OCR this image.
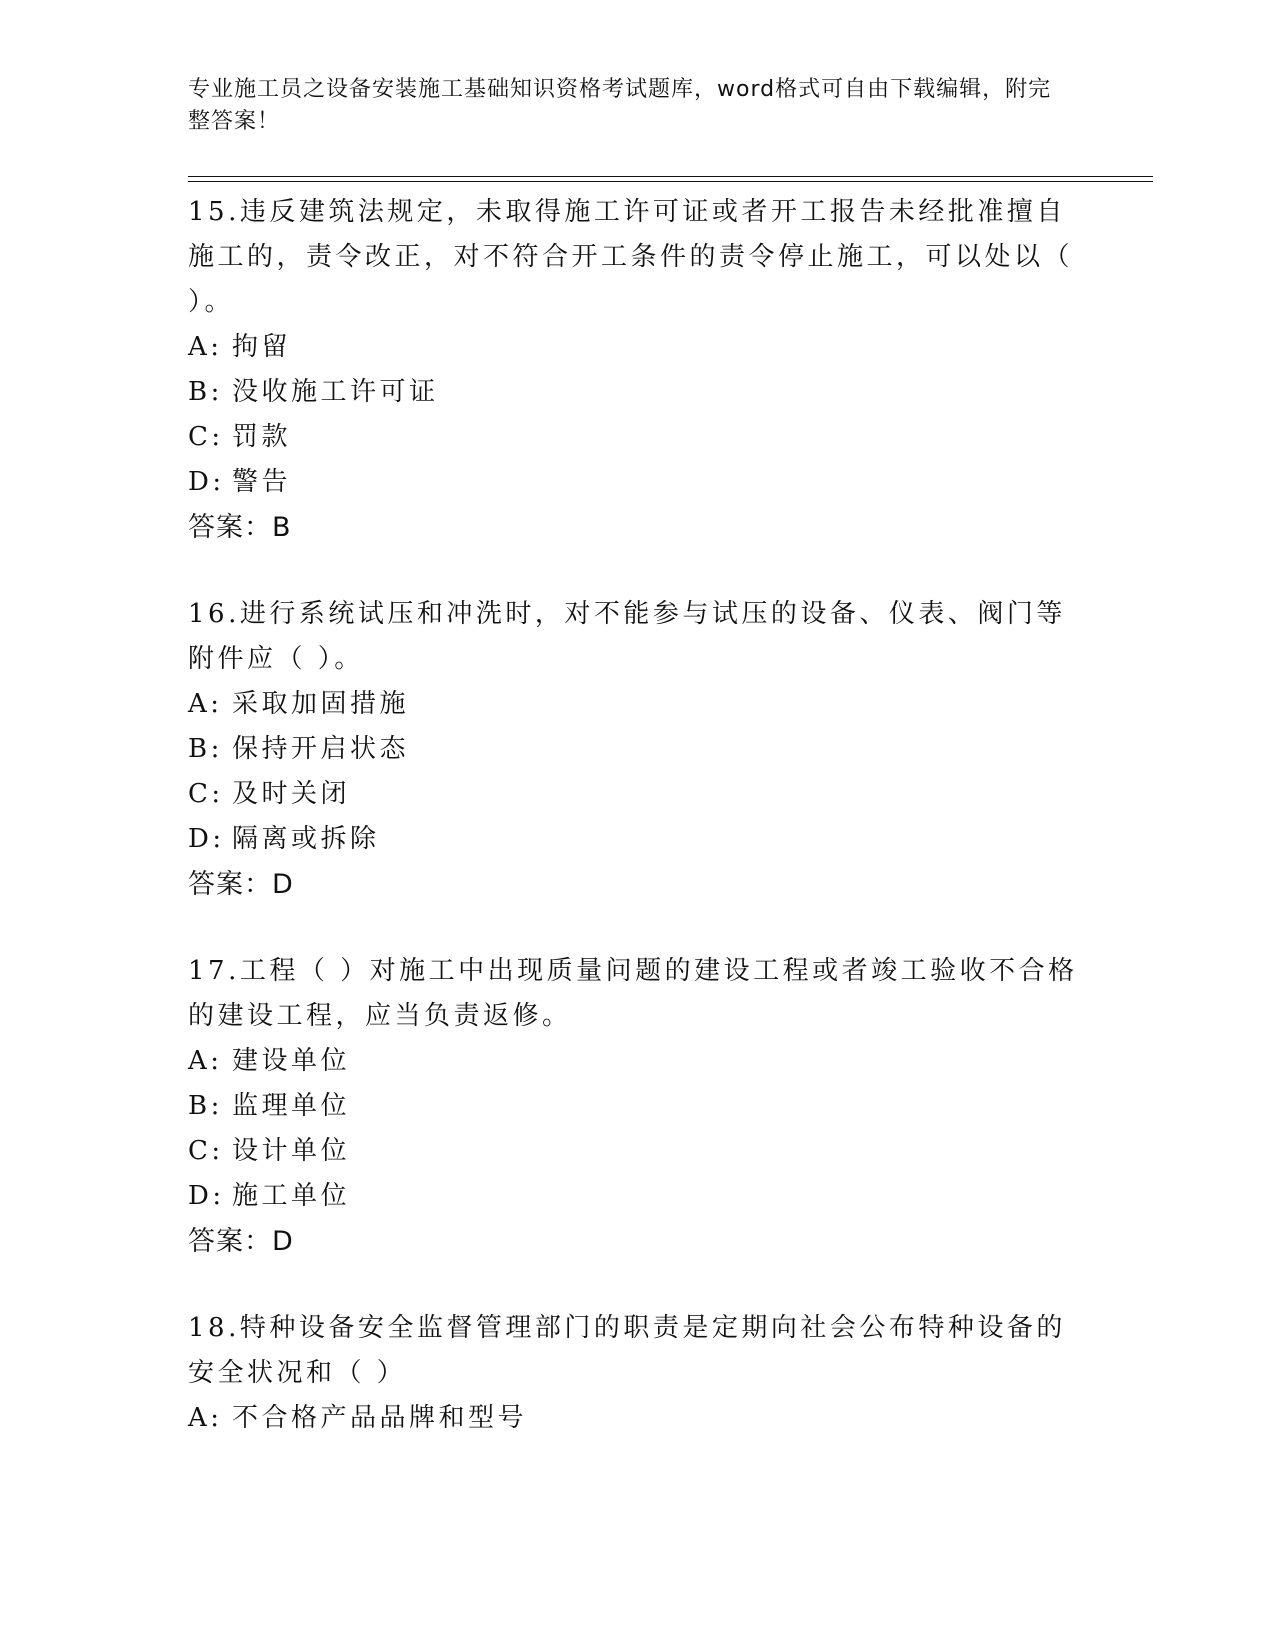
专业施工员之设备安装施工基础知识资格考试题库，word格式可自由下载编辑，附完整答案！

15.违反建筑法规定，未取得施工许可证或者开工报告未经批准擅自施工的，责令改正，对不符合开工条件的责令停止施工，可以处以（ ）。

A: 拘留

B: 没收施工许可证

C: 罚款

D: 警告

答案：B

16.进行系统试压和冲洗时，对不能参与试压的设备、仪表、阀门等附件应（ ）。

A: 采取加固措施

B: 保持开启状态

C: 及时关闭

D: 隔离或拆除

答案：D

17.工程（ ）对施工中出现质量问题的建设工程或者竣工验收不合格的建设工程，应当负责返修。

A: 建设单位

B: 监理单位

C: 设计单位

D: 施工单位

答案：D

18.特种设备安全监督管理部门的职责是定期向社会公布特种设备的安全状况和（ ）

A: 不合格产品品牌和型号
